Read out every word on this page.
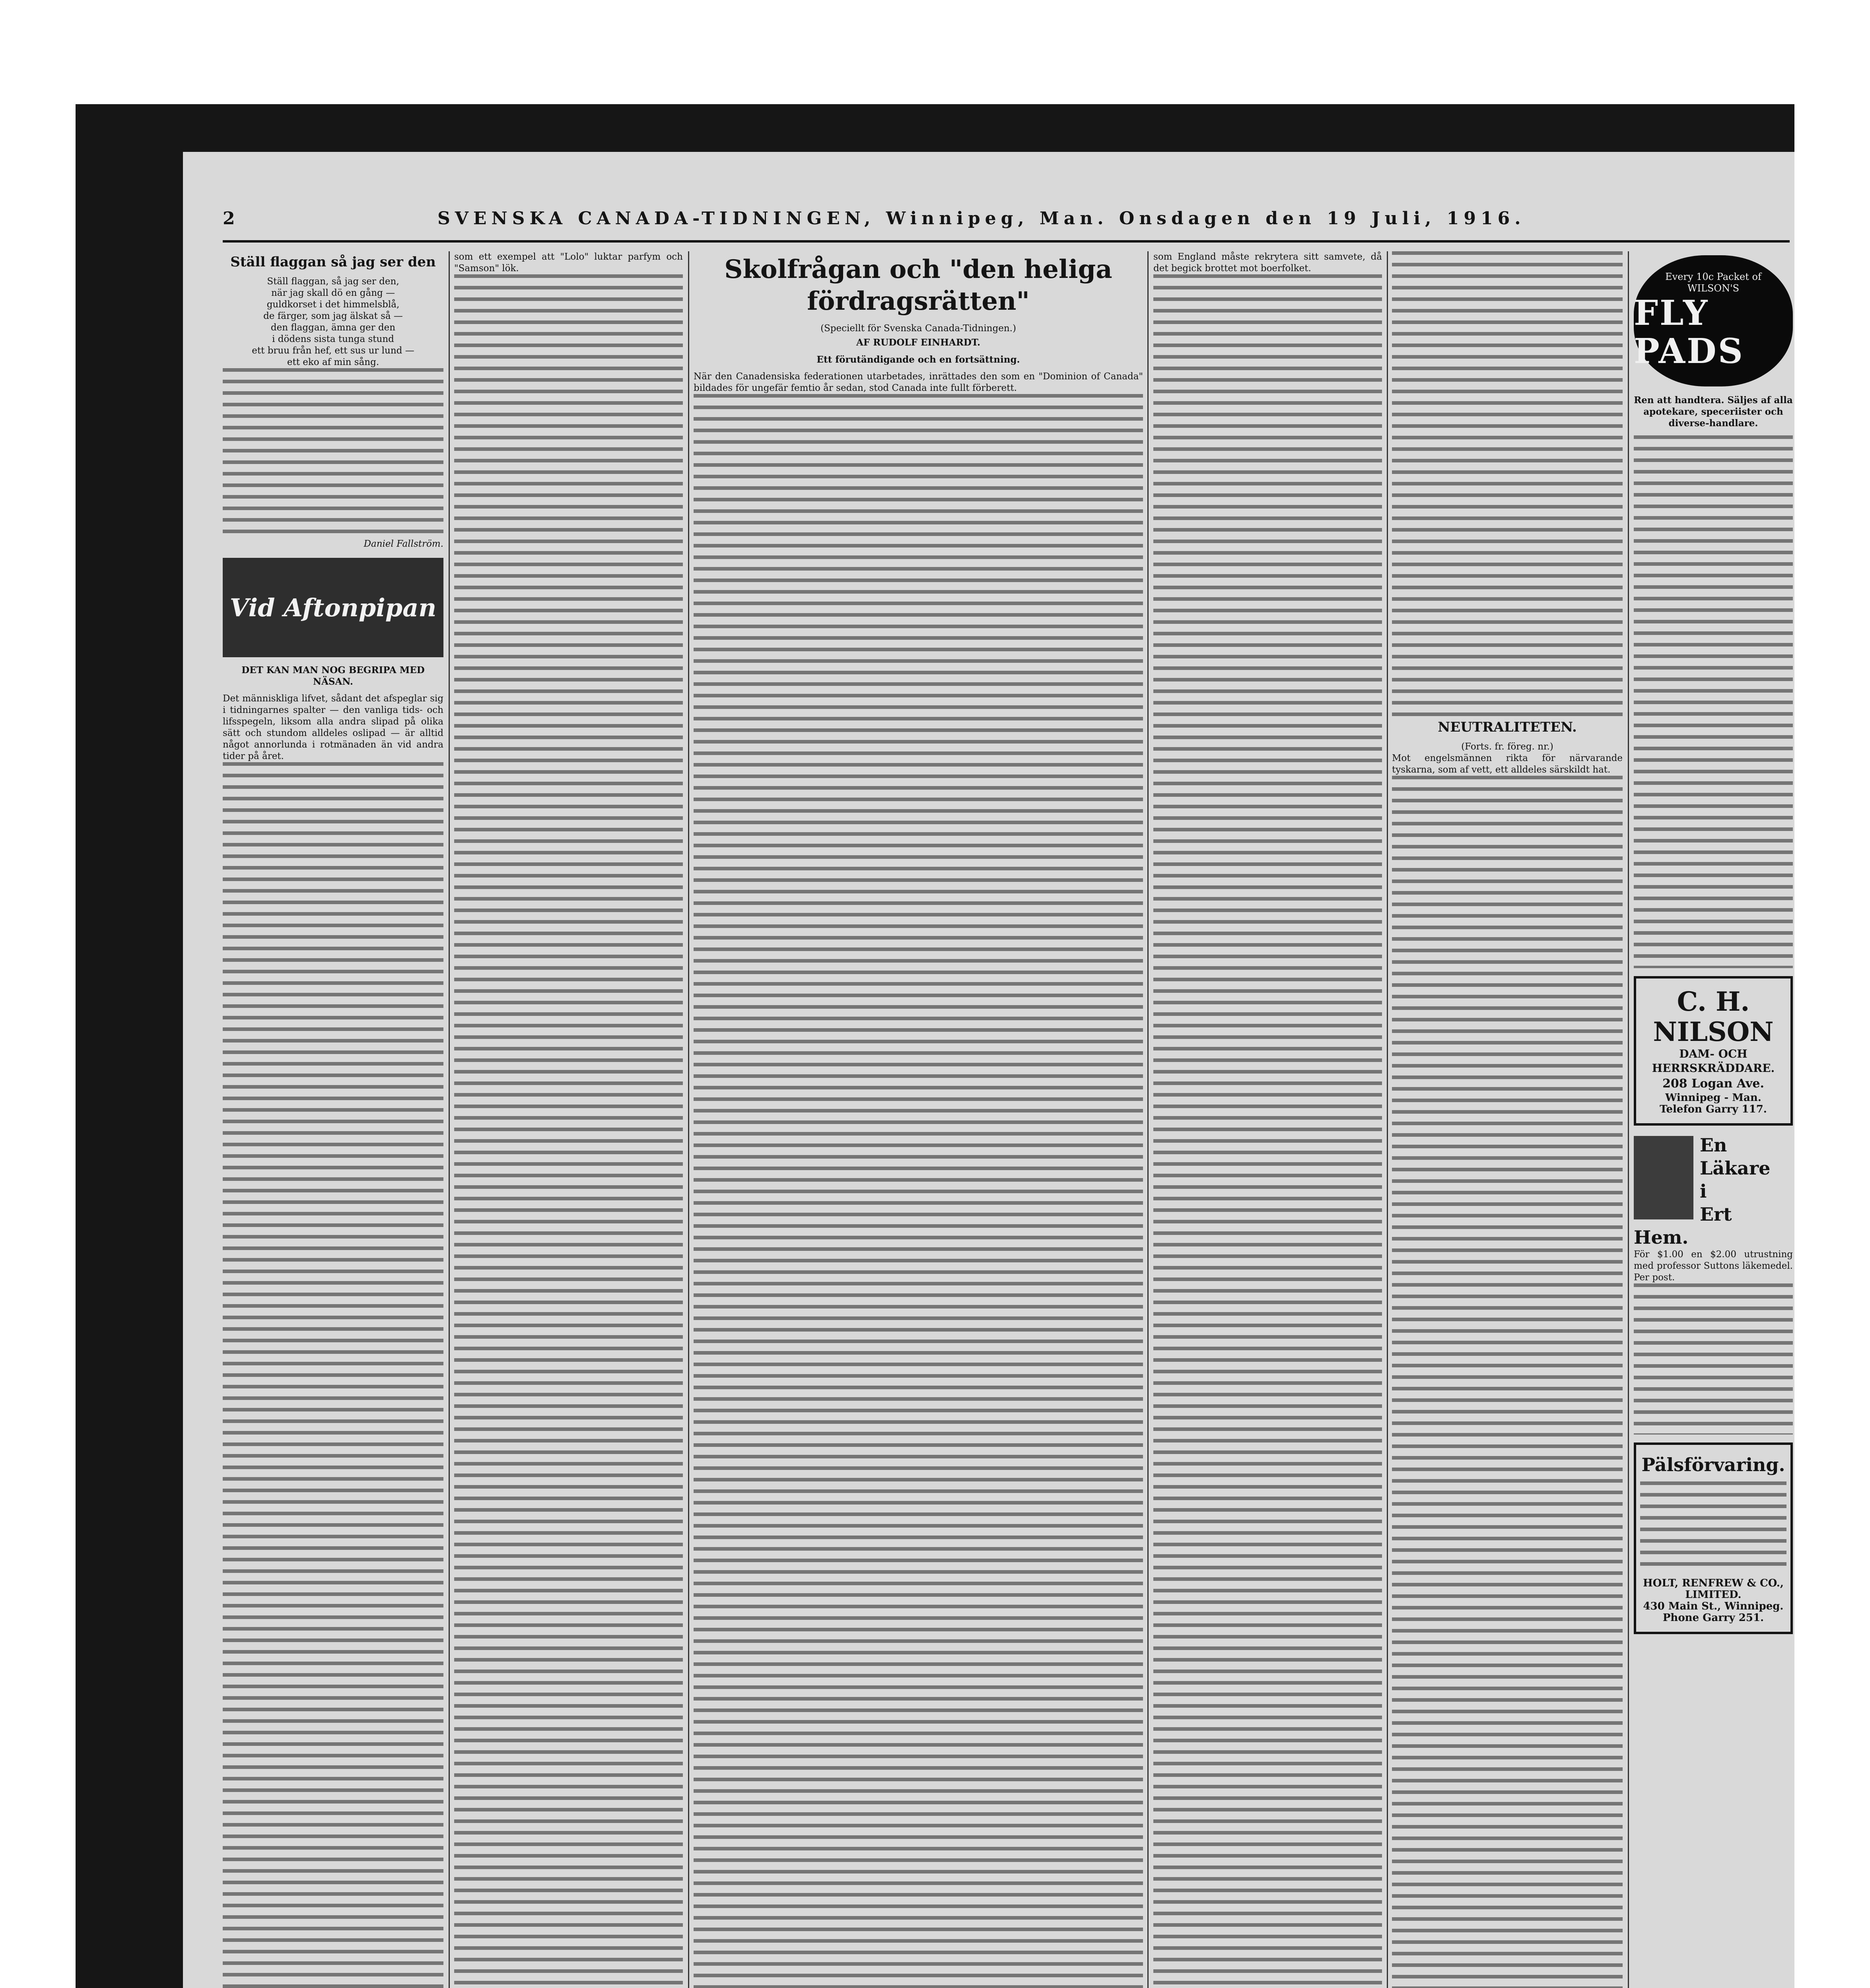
2	SVENSKA CANADA-TIDNINGEN, Winnipeg, Man. Onsdagen den 19 Juli, 1916.
Ställ flaggan så jag ser den
Ställ flaggan, så jag ser den,
när jag skall dö en gång —
guldkorset i det himmelsblå,
de färger, som jag älskat så —
den flaggan, ämna ger den
i dödens sista tunga stund
ett bruu från hef, ett sus ur lund —
ett eko af min sång.
Daniel Fallström.
Vid Aftonpipan
DET KAN MAN NOG BEGRIPA MED NÄSAN.
Det människliga lifvet, sådant det afspeglar sig i tidningarnes spalter — den vanliga tids- och lifsspegeln, liksom alla andra slipad på olika sätt och stundom alldeles oslipad — är alltid något annorlunda i rotmänaden än vid andra tider på året.
som ett exempel att "Lolo" luktar parfym och "Samson" lök.	Skolfrågan och "den heliga fördragsrätten"
(Speciellt för Svenska Canada-Tidningen.)
AF RUDOLF EINHARDT.
Ett förutändigande och en fortsättning.
När den Canadensiska federationen utarbetades, inrättades den som en "Dominion of Canada" bildades för ungefär femtio år sedan, stod Canada inte fullt förberett.
som England måste rekrytera sitt samvete, då det begick brottet mot boerfolket.
NEUTRALITETEN.
(Forts. fr. föreg. nr.)
Mot engelsmännen rikta för närvarande tyskarna, som af vett, ett alldeles särskildt hat.
Every 10c Packet of
WILSON'S
FLY PADS
Ren att handtera. Säljes af alla apotekare, speceriister och diverse-handlare.
C. H. NILSON
DAM- OCH HERRSKRÄDDARE.
208 Logan Ave.
Winnipeg - Man.
Telefon Garry 117.
En
Läkare
i
Ert
Hem.
För $1.00 en $2.00 utrustning med professor Suttons läkemedel. Per post.
Pälsförvaring.
HOLT, RENFREW & CO., LIMITED.
430 Main St., Winnipeg.
Phone Garry 251.
